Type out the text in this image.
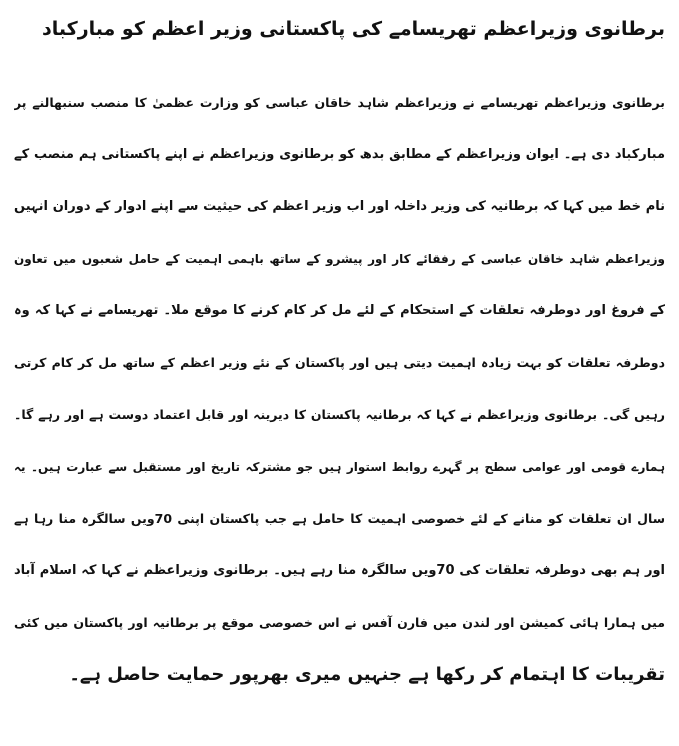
برطانوی وزیراعظم تھریسامے کی پاکستانی وزیر اعظم کو مبارکباد
برطانوی وزیراعظم تھریسامے نے وزیراعظم شاہد خاقان عباسی کو وزارت عظمیٰ کا منصب سنبھالنے پر
مبارکباد دی ہے۔ ایوان وزیراعظم کے مطابق بدھ کو برطانوی وزیراعظم نے اپنے پاکستانی ہم منصب کے
نام خط میں کہا کہ برطانیہ کی وزیر داخلہ اور اب وزیر اعظم کی حیثیت سے اپنے ادوار کے دوران انہیں
وزیراعظم شاہد خاقان عباسی کے رفقائے کار اور پیشرو کے ساتھ باہمی اہمیت کے حامل شعبوں میں تعاون
کے فروغ اور دوطرفہ تعلقات کے استحکام کے لئے مل کر کام کرنے کا موقع ملا۔ تھریسامے نے کہا کہ وہ
دوطرفہ تعلقات کو بہت زیادہ اہمیت دیتی ہیں اور پاکستان کے نئے وزیر اعظم کے ساتھ مل کر کام کرتی
رہیں گی۔ برطانوی وزیراعظم نے کہا کہ برطانیہ پاکستان کا دیرینہ اور قابل اعتماد دوست ہے اور رہے گا۔
ہمارے قومی اور عوامی سطح پر گہرے روابط استوار ہیں جو مشترکہ تاریخ اور مستقبل سے عبارت ہیں۔ یہ
سال ان تعلقات کو منانے کے لئے خصوصی اہمیت کا حامل ہے جب پاکستان اپنی 70ویں سالگرہ منا رہا ہے
اور ہم بھی دوطرفہ تعلقات کی 70ویں سالگرہ منا رہے ہیں۔ برطانوی وزیراعظم نے کہا کہ اسلام آباد
میں ہمارا ہائی کمیشن اور لندن میں فارن آفس نے اس خصوصی موقع پر برطانیہ اور پاکستان میں کئی
تقریبات کا اہتمام کر رکھا ہے جنہیں میری بھرپور حمایت حاصل ہے۔
